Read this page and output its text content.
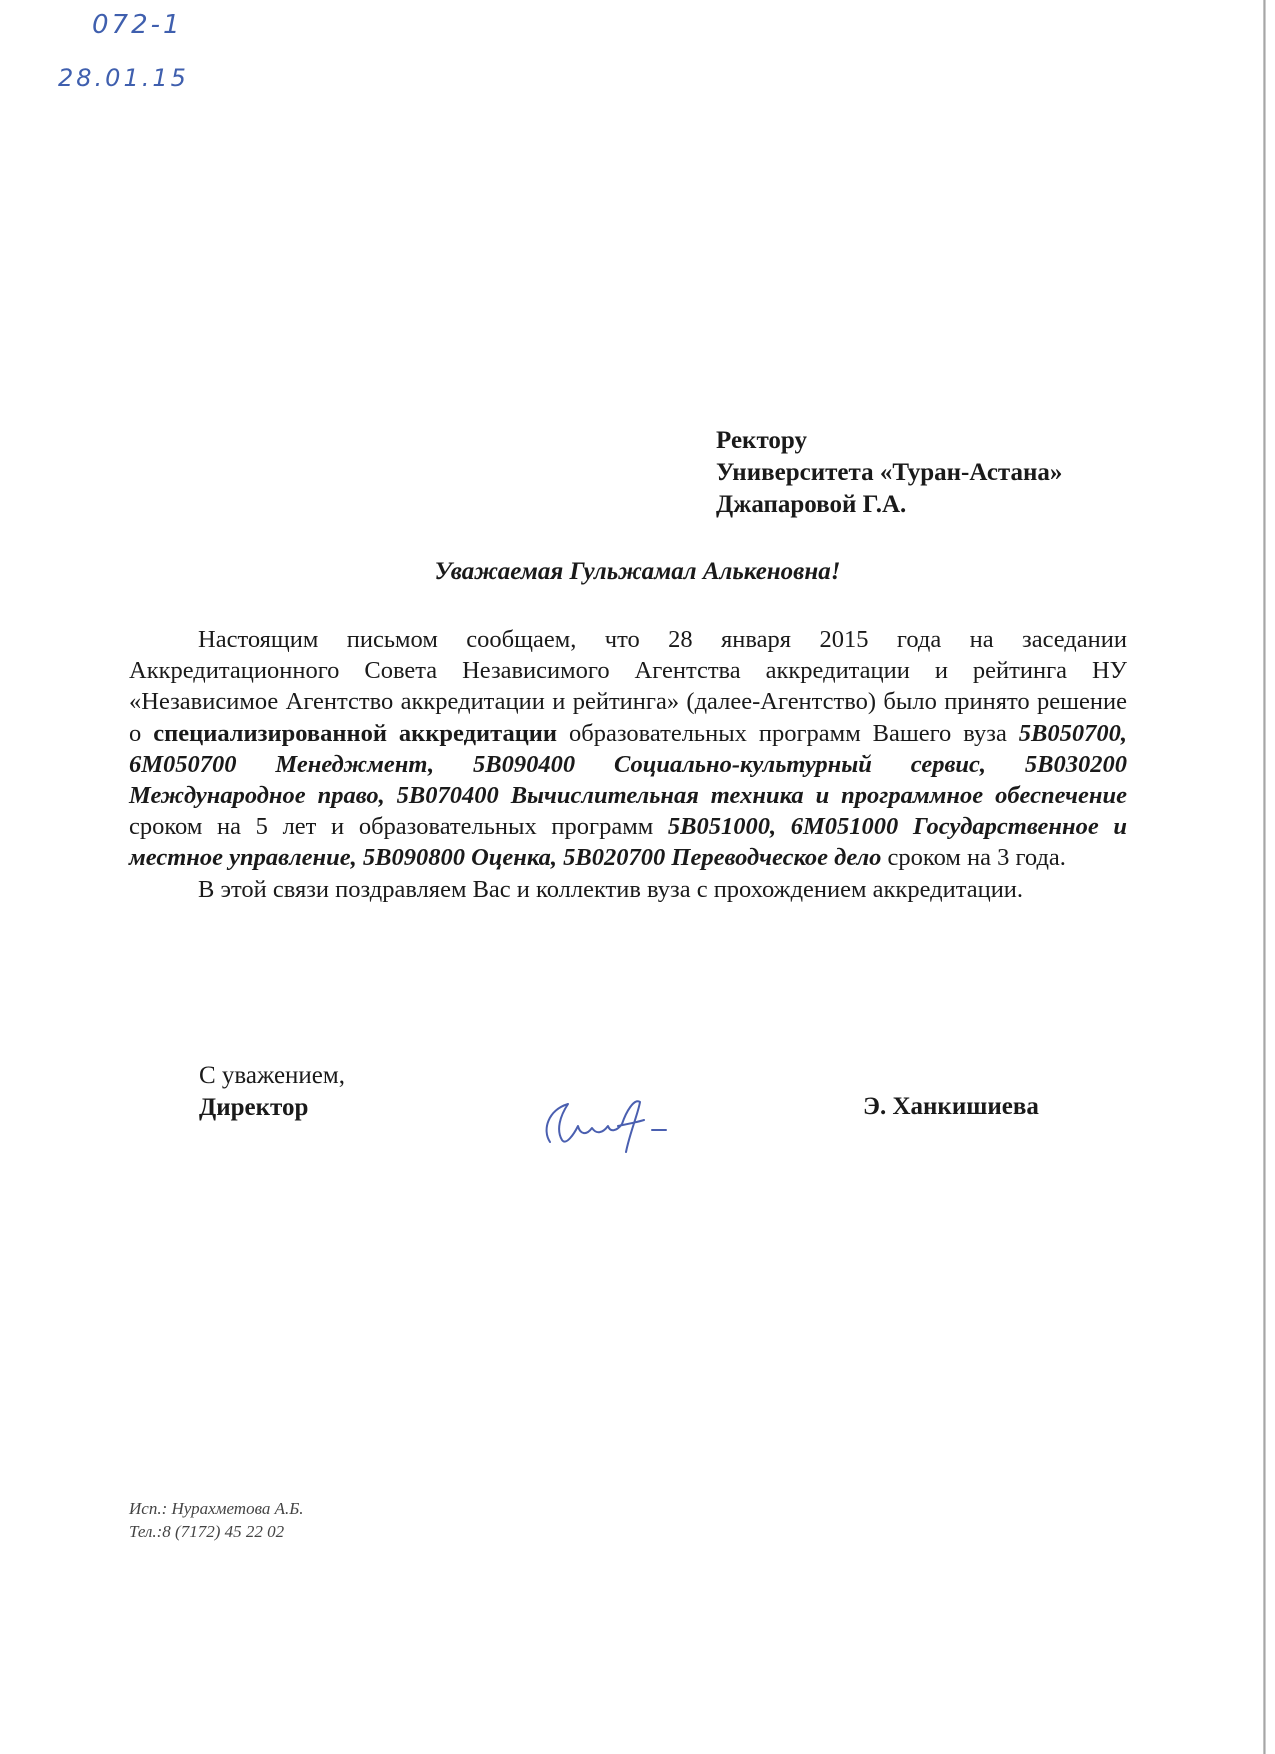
072-1
28.01.15
Ректору
Университета «Туран-Астана»
Джапаровой Г.А.
Уважаемая Гульжамал Алькеновна!

Настоящим письмом сообщаем, что 28 января 2015 года на заседании Аккредитационного Совета Независимого Агентства аккредитации и рейтинга НУ «Независимое Агентство аккредитации и рейтинга» (далее-Агентство) было принято решение о специализированной аккредитации образовательных программ Вашего вуза 5В050700, 6М050700 Менеджмент, 5В090400 Социально-культурный сервис, 5В030200 Международное право, 5В070400 Вычислительная техника и программное обеспечение сроком на 5 лет и образовательных программ 5В051000, 6М051000 Государственное и местное управление, 5В090800 Оценка, 5В020700 Переводческое дело сроком на 3 года.

В этой связи поздравляем Вас и коллектив вуза с прохождением аккредитации.

С уважением,
Директор	Э. Ханкишиева
Исп.: Нурахметова А.Б.
Тел.:8 (7172) 45 22 02
